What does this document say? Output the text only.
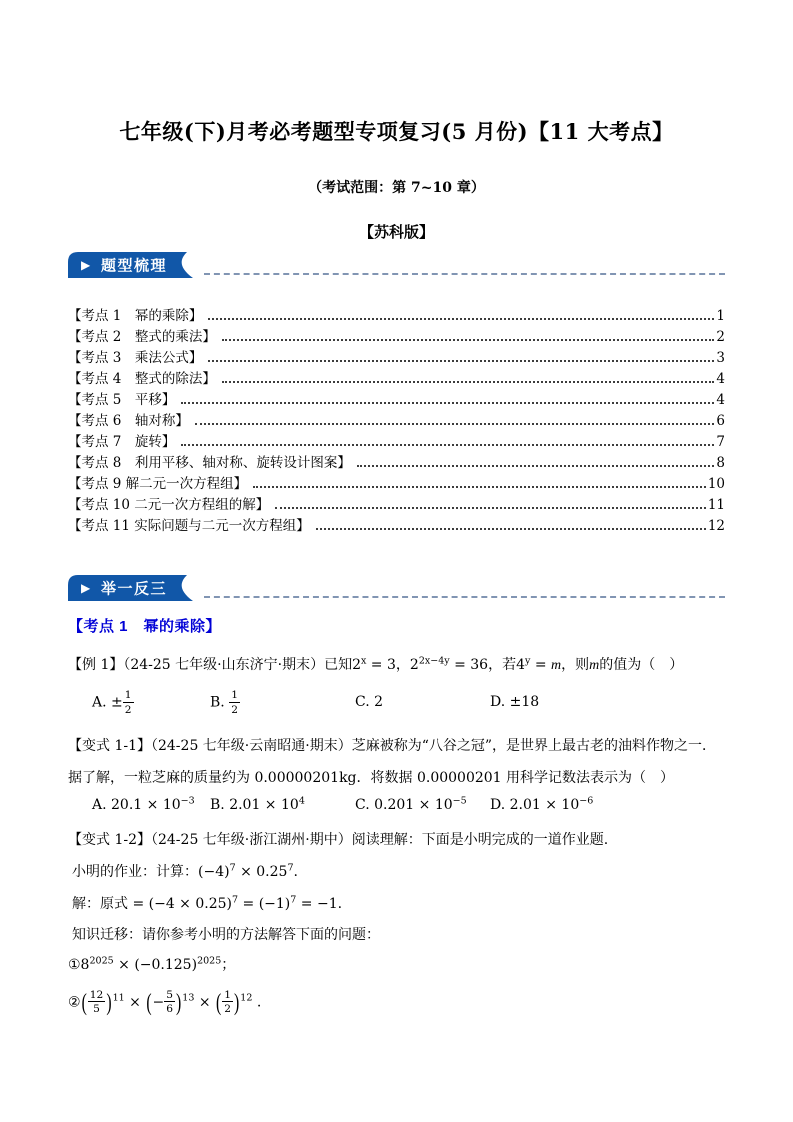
七年级(下)月考必考题型专项复习(5 月份)【11 大考点】
（考试范围：第 7~10 章）
【苏科版】
▶ 题型梳理
【考点 1　幂的乘除】	1
【考点 2　整式的乘法】	2
【考点 3　乘法公式】	3
【考点 4　整式的除法】	4
【考点 5　平移】	4
【考点 6　轴对称】	6
【考点 7　旋转】	7
【考点 8　利用平移、轴对称、旋转设计图案】	8
【考点 9 解二元一次方程组】	10
【考点 10 二元一次方程组的解】	11
【考点 11 实际问题与二元一次方程组】	12
▶ 举一反三
【考点 1　幂的乘除】
【例 1】（24-25 七年级·山东济宁·期末）已知$2^x = 3$，$2^{2x-4y} = 36$，若$4^y = m$，则m的值为（　）
A. ± $\frac{1}{2}$	B. $\frac{1}{2}$	C. 2	D. ±18
【变式 1-1】（24-25 七年级·云南昭通·期末）芝麻被称为“八谷之冠”，是世界上最古老的油料作物之一．据了解，一粒芝麻的质量约为 0.00000201kg．将数据 0.00000201 用科学记数法表示为（　）
A. $20.1 \times 10^{-3}$	B. $2.01 \times 10^4$	C. $0.201 \times 10^{-5}$	D. $2.01 \times 10^{-6}$
【变式 1-2】（24-25 七年级·浙江湖州·期中）阅读理解：下面是小明完成的一道作业题.
小明的作业：计算：$(-4)^7 \times 0.25^7$.
解：原式 = $(-4 \times 0.25)^7 = (-1)^7 = -1$.
知识迁移：请你参考小明的方法解答下面的问题：
$①8^{2025} \times (-0.125)^{2025}$；
②( $\frac{12}{5} )^{11}$ × (− $\frac{5}{6} )^{13}$ × ( $\frac{1}{2} )^{12}$ .
